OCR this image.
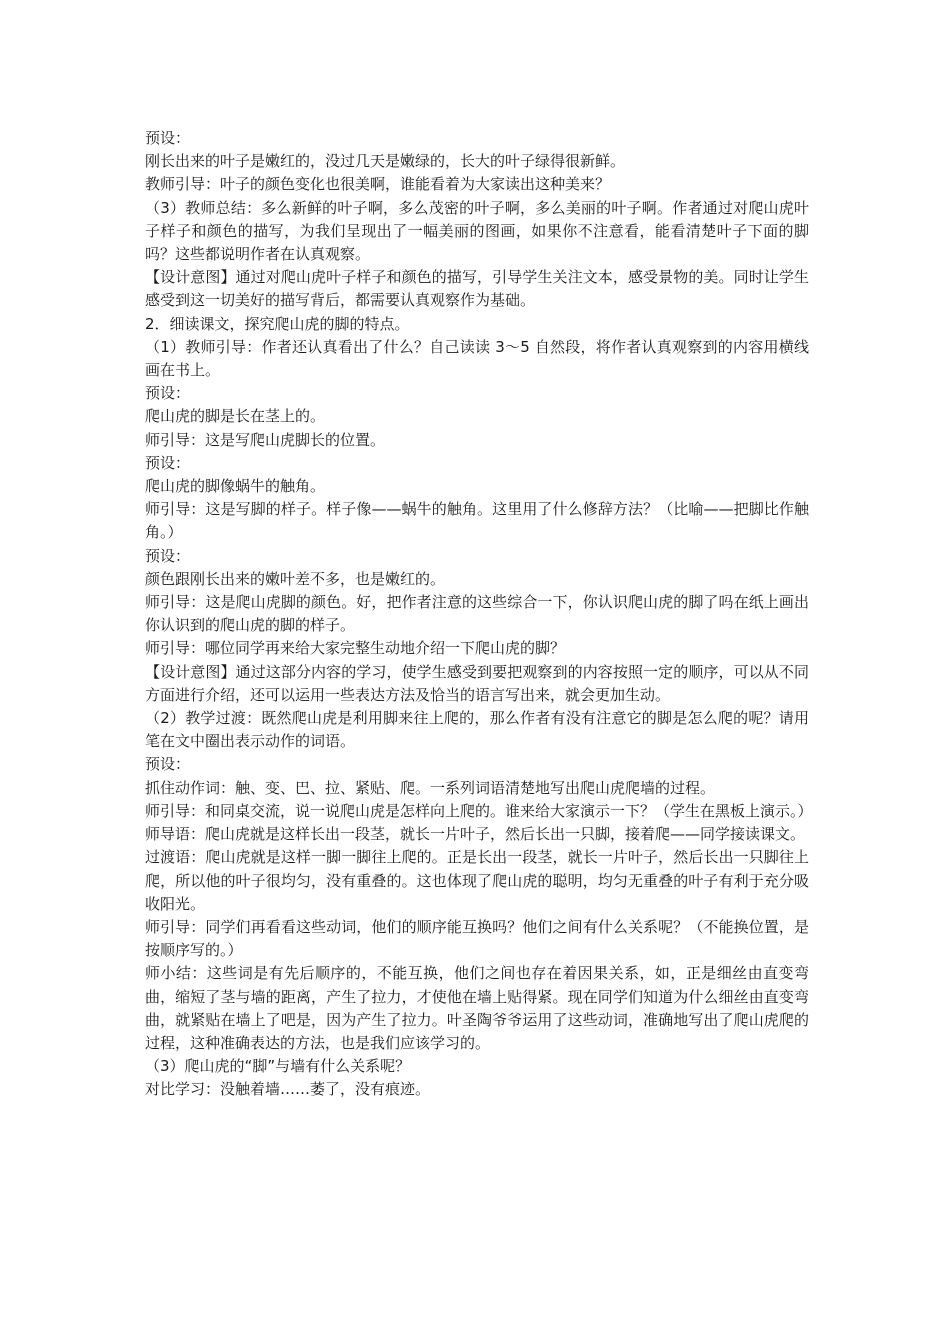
预设：

刚长出来的叶子是嫩红的，没过几天是嫩绿的，长大的叶子绿得很新鲜。

教师引导：叶子的颜色变化也很美啊，谁能看着为大家读出这种美来？

（3）教师总结：多么新鲜的叶子啊，多么茂密的叶子啊，多么美丽的叶子啊。作者通过对爬山虎叶子样子和颜色的描写，为我们呈现出了一幅美丽的图画，如果你不注意看，能看清楚叶子下面的脚吗？这些都说明作者在认真观察。

【设计意图】通过对爬山虎叶子样子和颜色的描写，引导学生关注文本，感受景物的美。同时让学生感受到这一切美好的描写背后，都需要认真观察作为基础。

2．细读课文，探究爬山虎的脚的特点。

（1）教师引导：作者还认真看出了什么？自己读读 3～5 自然段，将作者认真观察到的内容用横线画在书上。

预设：

爬山虎的脚是长在茎上的。

师引导：这是写爬山虎脚长的位置。

预设：

爬山虎的脚像蜗牛的触角。

师引导：这是写脚的样子。样子像——蜗牛的触角。这里用了什么修辞方法？（比喻——把脚比作触角。）

预设：

颜色跟刚长出来的嫩叶差不多，也是嫩红的。

师引导：这是爬山虎脚的颜色。好，把作者注意的这些综合一下，你认识爬山虎的脚了吗在纸上画出你认识到的爬山虎的脚的样子。

师引导：哪位同学再来给大家完整生动地介绍一下爬山虎的脚？

【设计意图】通过这部分内容的学习，使学生感受到要把观察到的内容按照一定的顺序，可以从不同方面进行介绍，还可以运用一些表达方法及恰当的语言写出来，就会更加生动。

（2）教学过渡：既然爬山虎是利用脚来往上爬的，那么作者有没有注意它的脚是怎么爬的呢？请用笔在文中圈出表示动作的词语。

预设：

抓住动作词：触、变、巴、拉、紧贴、爬。一系列词语清楚地写出爬山虎爬墙的过程。

师引导：和同桌交流，说一说爬山虎是怎样向上爬的。谁来给大家演示一下？（学生在黑板上演示。）

师导语：爬山虎就是这样长出一段茎，就长一片叶子，然后长出一只脚，接着爬——同学接读课文。

过渡语：爬山虎就是这样一脚一脚往上爬的。正是长出一段茎，就长一片叶子，然后长出一只脚往上爬，所以他的叶子很均匀，没有重叠的。这也体现了爬山虎的聪明，均匀无重叠的叶子有利于充分吸收阳光。

师引导：同学们再看看这些动词，他们的顺序能互换吗？他们之间有什么关系呢？（不能换位置，是按顺序写的。）

师小结：这些词是有先后顺序的，不能互换，他们之间也存在着因果关系，如，正是细丝由直变弯曲，缩短了茎与墙的距离，产生了拉力，才使他在墙上贴得紧。现在同学们知道为什么细丝由直变弯曲，就紧贴在墙上了吧是，因为产生了拉力。叶圣陶爷爷运用了这些动词，准确地写出了爬山虎爬的过程，这种准确表达的方法，也是我们应该学习的。

（3）爬山虎的“脚”与墙有什么关系呢？

对比学习：没触着墙……萎了，没有痕迹。
